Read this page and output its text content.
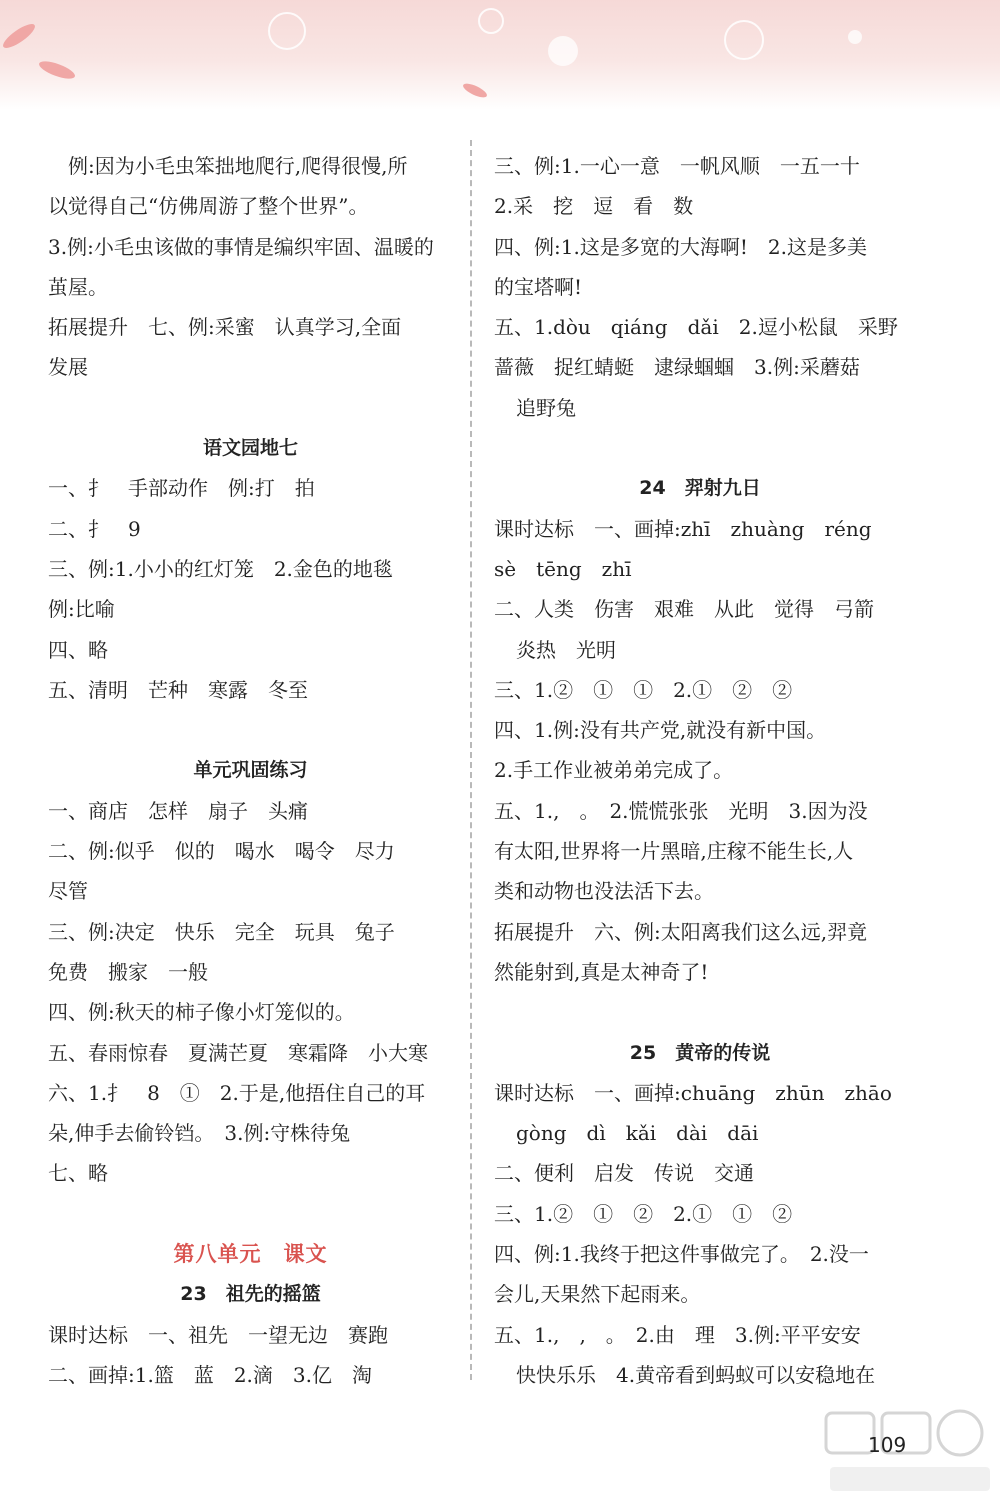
　例:因为小毛虫笨拙地爬行,爬得很慢,所
以觉得自己“仿佛周游了整个世界”。
3.例:小毛虫该做的事情是编织牢固、温暖的
茧屋。
拓展提升　七、例:采蜜　认真学习,全面
发展
语文园地七
一、扌　手部动作　例:打　拍
二、扌　9
三、例:1.小小的红灯笼　2.金色的地毯
例:比喻
四、略
五、清明　芒种　寒露　冬至
单元巩固练习
一、商店　怎样　扇子　头痛
二、例:似乎　似的　喝水　喝令　尽力
尽管
三、例:决定　快乐　完全　玩具　兔子
免费　搬家　一般
四、例:秋天的柿子像小灯笼似的。
五、春雨惊春　夏满芒夏　寒霜降　小大寒
六、1.扌　8　①　2.于是,他捂住自己的耳
朵,伸手去偷铃铛。　3.例:守株待兔
七、略
第八单元　课文
23　祖先的摇篮
课时达标　一、祖先　一望无边　赛跑
二、画掉:1.篮　蓝　2.滴　3.亿　淘
三、例:1.一心一意　一帆风顺　一五一十
2.采　挖　逗　看　数
四、例:1.这是多宽的大海啊!　2.这是多美
的宝塔啊!
五、1.dòu　qiáng　dǎi　2.逗小松鼠　采野
蔷薇　捉红蜻蜓　逮绿蝈蝈　3.例:采蘑菇
追野兔
24　羿射九日
课时达标　一、画掉:zhī　zhuàng　réng
sè　tēng　zhī
二、人类　伤害　艰难　从此　觉得　弓箭
炎热　光明
三、1.②　①　①　2.①　②　②
四、1.例:没有共产党,就没有新中国。
2.手工作业被弟弟完成了。
五、1.,　。　2.慌慌张张　光明　3.因为没
有太阳,世界将一片黑暗,庄稼不能生长,人
类和动物也没法活下去。
拓展提升　六、例:太阳离我们这么远,羿竟
然能射到,真是太神奇了!
25　黄帝的传说
课时达标　一、画掉:chuāng　zhūn　zhāo
gòng　dì　kǎi　dài　dāi
二、便利　启发　传说　交通
三、1.②　①　②　2.①　①　②
四、例:1.我终于把这件事做完了。　2.没一
会儿,天果然下起雨来。
五、1.,　,　。　2.由　理　3.例:平平安安
快快乐乐　4.黄帝看到蚂蚁可以安稳地在
109
